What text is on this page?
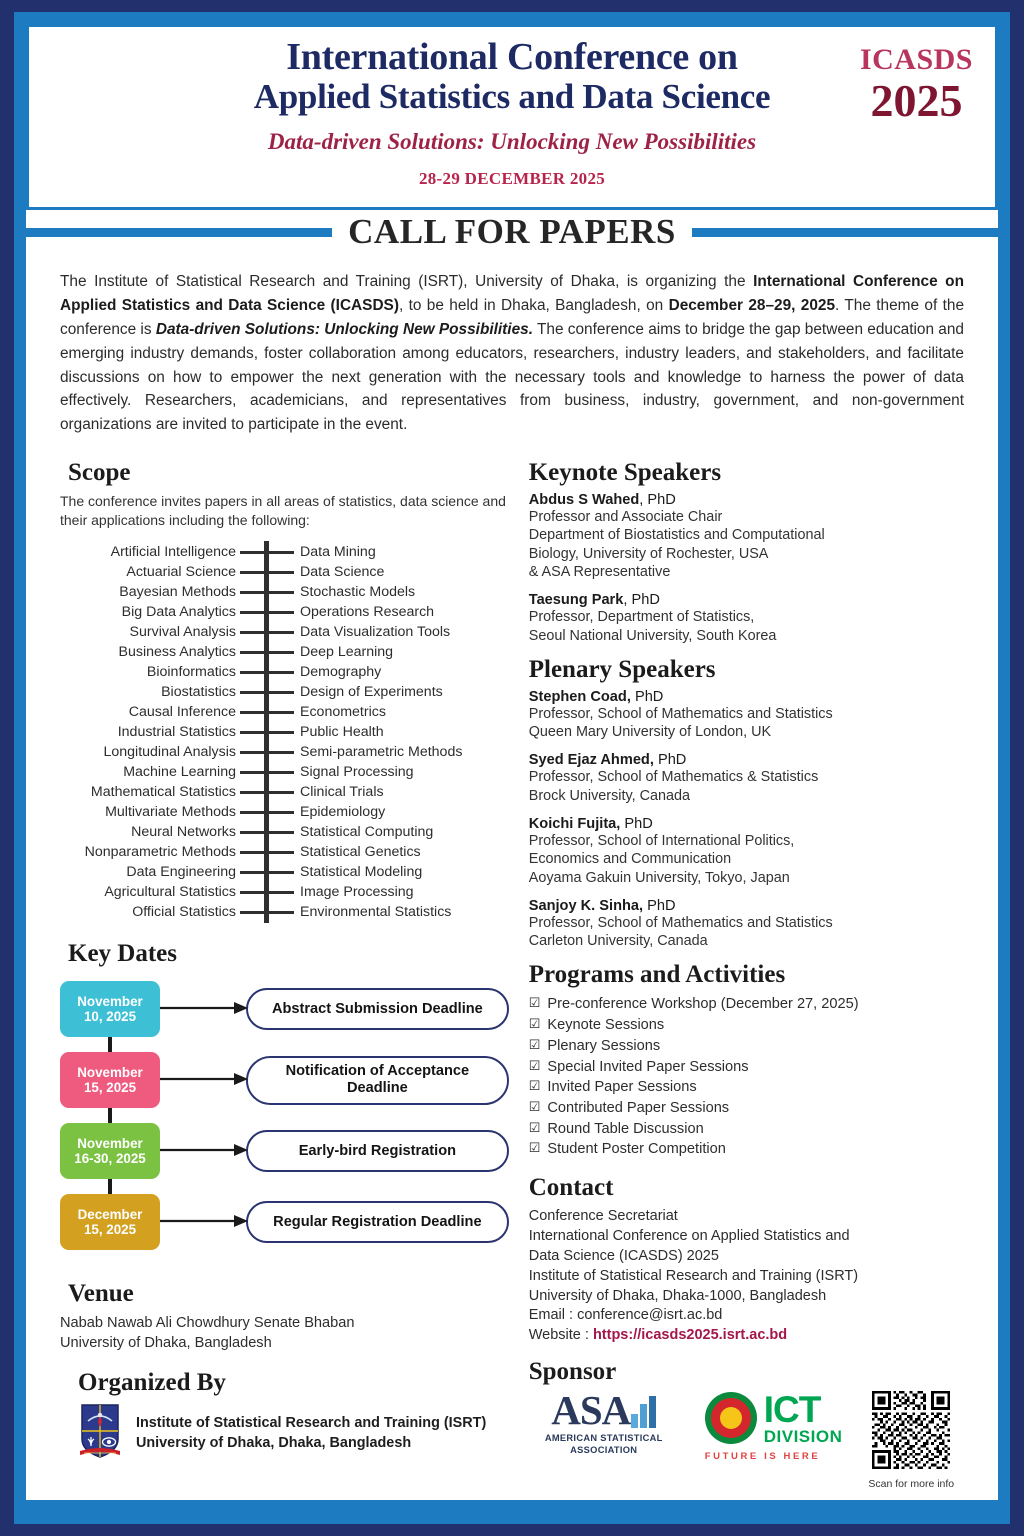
International Conference on
Applied Statistics and Data Science
Data-driven Solutions: Unlocking New Possibilities
28-29 DECEMBER 2025
ICASDS
2025
CALL FOR PAPERS

The Institute of Statistical Research and Training (ISRT), University of Dhaka, is organizing the International Conference on Applied Statistics and Data Science (ICASDS), to be held in Dhaka, Bangladesh, on December 28–29, 2025. The theme of the conference is Data-driven Solutions: Unlocking New Possibilities. The conference aims to bridge the gap between education and emerging industry demands, foster collaboration among educators, researchers, industry leaders, and stakeholders, and facilitate discussions on how to empower the next generation with the necessary tools and knowledge to harness the power of data effectively. Researchers, academicians, and representatives from business, industry, government, and non-government organizations are invited to participate in the event.

Scope
The conference invites papers in all areas of statistics, data science and their applications including the following:
Artificial Intelligence	Data Mining
Actuarial Science	Data Science
Bayesian Methods	Stochastic Models
Big Data Analytics	Operations Research
Survival Analysis	Data Visualization Tools
Business Analytics	Deep Learning
Bioinformatics	Demography
Biostatistics	Design of Experiments
Causal Inference	Econometrics
Industrial Statistics	Public Health
Longitudinal Analysis	Semi-parametric Methods
Machine Learning	Signal Processing
Mathematical Statistics	Clinical Trials
Multivariate Methods	Epidemiology
Neural Networks	Statistical Computing
Nonparametric Methods	Statistical Genetics
Data Engineering	Statistical Modeling
Agricultural Statistics	Image Processing
Official Statistics	Environmental Statistics
Key Dates
November
10, 2025
Abstract Submission Deadline
November
15, 2025
Notification of Acceptance Deadline
November
16-30, 2025
Early-bird Registration
December
15, 2025
Regular Registration Deadline
Venue
Nabab Nawab Ali Chowdhury Senate Bhaban
University of Dhaka, Bangladesh
Organized By
Institute of Statistical Research and Training (ISRT)
University of Dhaka, Dhaka, Bangladesh
Keynote Speakers
Abdus S Wahed, PhD
Professor and Associate Chair
Department of Biostatistics and Computational
Biology, University of Rochester, USA
& ASA Representative
Taesung Park, PhD
Professor, Department of Statistics,
Seoul National University, South Korea
Plenary Speakers
Stephen Coad, PhD
Professor, School of Mathematics and Statistics
Queen Mary University of London, UK
Syed Ejaz Ahmed, PhD
Professor, School of Mathematics & Statistics
Brock University, Canada
Koichi Fujita, PhD
Professor, School of International Politics,
Economics and Communication
Aoyama Gakuin University, Tokyo, Japan
Sanjoy K. Sinha, PhD
Professor, School of Mathematics and Statistics
Carleton University, Canada
Programs and Activities
☑ Pre-conference Workshop (December 27, 2025)
☑ Keynote Sessions
☑ Plenary Sessions
☑ Special Invited Paper Sessions
☑ Invited Paper Sessions
☑ Contributed Paper Sessions
☑ Round Table Discussion
☑ Student Poster Competition
Contact
Conference Secretariat
International Conference on Applied Statistics and
Data Science (ICASDS) 2025
Institute of Statistical Research and Training (ISRT)
University of Dhaka, Dhaka-1000, Bangladesh
Email : conference@isrt.ac.bd
Website : https://icasds2025.isrt.ac.bd
Sponsor
ASA
AMERICAN STATISTICAL
ASSOCIATION
ICT
DIVISION
FUTURE IS HERE
Scan for more info
